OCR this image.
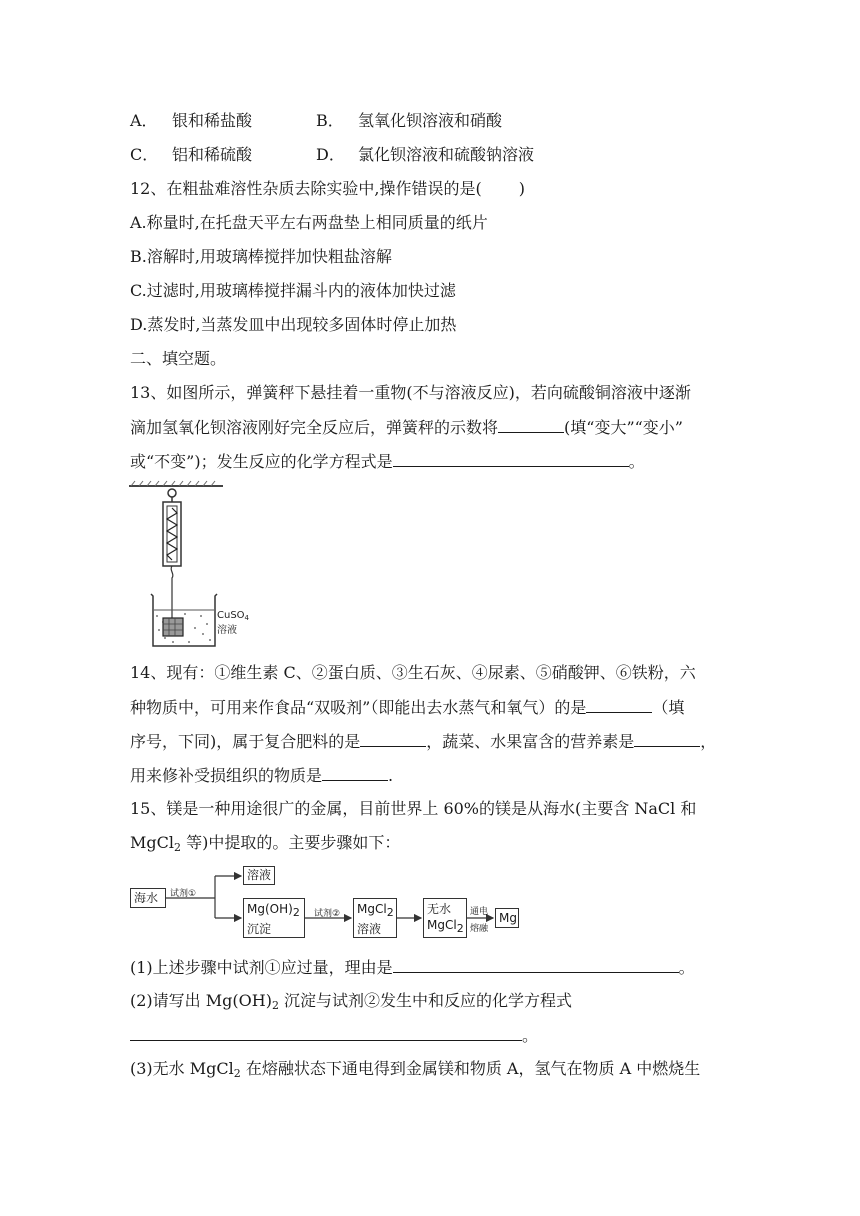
A． 银和稀盐酸	B． 氢氧化钡溶液和硝酸
C． 铝和稀硫酸	D． 氯化钡溶液和硫酸钠溶液
12、在粗盐难溶性杂质去除实验中,操作错误的是(　　 )
A.称量时,在托盘天平左右两盘垫上相同质量的纸片
B.溶解时,用玻璃棒搅拌加快粗盐溶解
C.过滤时,用玻璃棒搅拌漏斗内的液体加快过滤
D.蒸发时,当蒸发皿中出现较多固体时停止加热
二、填空题。
13、如图所示，弹簧秤下悬挂着一重物(不与溶液反应)，若向硫酸铜溶液中逐渐
滴加氢氧化钡溶液刚好完全反应后，弹簧秤的示数将	(填“变大”“变小”
或“不变”)；发生反应的化学方程式是	。
CuSO$_4$
溶液
14、现有：①维生素 C、②蛋白质、③生石灰、④尿素、⑤硝酸钾、⑥铁粉，六
种物质中，可用来作食品“双吸剂”（即能出去水蒸气和氧气）的是	（填
序号，下同)，属于复合肥料的是	，蔬菜、水果富含的营养素是	，
用来修补受损组织的物质是	.
15、镁是一种用途很广的金属，目前世界上 60%的镁是从海水(主要含 NaCl 和
MgCl$_2$ 等)中提取的。主要步骤如下：
海水	试剂①
溶液
$Mg(OH)_2$
沉淀
试剂② MgCl$_2$
溶液
无水
MgCl$_2$
通电
熔融
Mg
(1)上述步骤中试剂①应过量，理由是	。
(2)请写出 $Mg(OH)_2$ 沉淀与试剂②发生中和反应的化学方程式
。
(3)无水 MgCl$_2$ 在熔融状态下通电得到金属镁和物质 A，氢气在物质 A 中燃烧生
